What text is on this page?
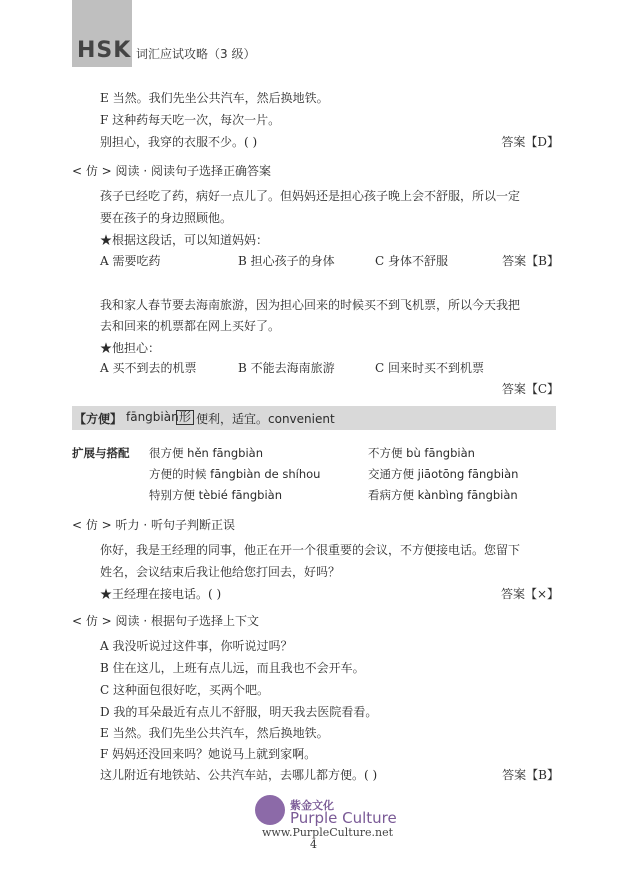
HSK 词汇应试攻略（3 级）
E 当然。我们先坐公共汽车，然后换地铁。
F 这种药每天吃一次，每次一片。
别担心，我穿的衣服不少。( )	答案【D】
< 仿 > 阅读 · 阅读句子选择正确答案
孩子已经吃了药，病好一点儿了。但妈妈还是担心孩子晚上会不舒服，所以一定
要在孩子的身边照顾他。
★根据这段话，可以知道妈妈：
A 需要吃药	B 担心孩子的身体	C 身体不舒服	答案【B】
我和家人春节要去海南旅游，因为担心回来的时候买不到飞机票，所以今天我把
去和回来的机票都在网上买好了。
★他担心：
A 买不到去的机票	B 不能去海南旅游	C 回来时买不到机票
答案【C】
【方便】 fāngbiàn 形 便利，适宜。convenient
扩展与搭配 很方便 hěn fāngbiàn	不方便 bù fāngbiàn
方便的时候 fāngbiàn de shíhou	交通方便 jiāotōng fāngbiàn
特别方便 tèbié fāngbiàn	看病方便 kànbìng fāngbiàn
< 仿 > 听力 · 听句子判断正误
你好，我是王经理的同事，他正在开一个很重要的会议，不方便接电话。您留下
姓名，会议结束后我让他给您打回去，好吗？
★王经理在接电话。( )	答案【×】
< 仿 > 阅读 · 根据句子选择上下文
A 我没听说过这件事，你听说过吗？
B 住在这儿，上班有点儿远，而且我也不会开车。
C 这种面包很好吃，买两个吧。
D 我的耳朵最近有点儿不舒服，明天我去医院看看。
E 当然。我们先坐公共汽车，然后换地铁。
F 妈妈还没回来吗？她说马上就到家啊。
这儿附近有地铁站、公共汽车站，去哪儿都方便。( )	答案【B】
紫金文化
Purple Culture
www.PurpleCulture.net
4
